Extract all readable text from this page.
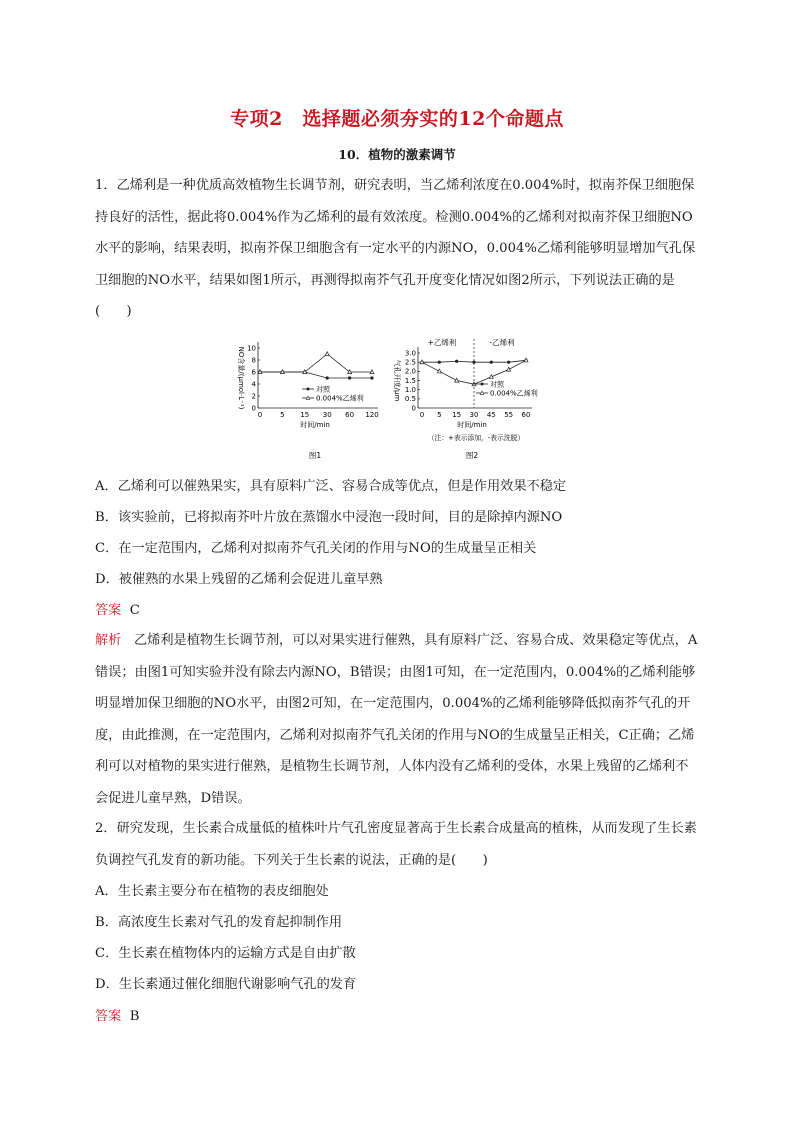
专项2　选择题必须夯实的12个命题点
10．植物的激素调节

1．乙烯利是一种优质高效植物生长调节剂，研究表明，当乙烯利浓度在0.004%时，拟南芥保卫细胞保持良好的活性，据此将0.004%作为乙烯利的最有效浓度。检测0.004%的乙烯利对拟南芥保卫细胞NO水平的影响，结果表明，拟南芥保卫细胞含有一定水平的内源NO，0.004%乙烯利能够明显增加气孔保卫细胞的NO水平，结果如图1所示，再测得拟南芥气孔开度变化情况如图2所示，下列说法正确的是(　　)

0
2
4
6
8
10
0	5 15 30 60 120
对照
0.004%乙烯利
时间/min
NO含量/(μmol·L⁻¹)
图1
0
0.5
1.0
1.5
2.0
2.5
3.0
0 5 15 30 45 55 60
对照
0.004%乙烯利
时间/min
气孔开度/μm
图2
+乙烯利	-乙烯利
（注：+表示添加，-表示洗脱）
A．乙烯利可以催熟果实，具有原料广泛、容易合成等优点，但是作用效果不稳定
B．该实验前，已将拟南芥叶片放在蒸馏水中浸泡一段时间，目的是除掉内源NO
C．在一定范围内，乙烯利对拟南芥气孔关闭的作用与NO的生成量呈正相关
D．被催熟的水果上残留的乙烯利会促进儿童早熟
答案 C

解析 乙烯利是植物生长调节剂，可以对果实进行催熟，具有原料广泛、容易合成、效果稳定等优点，A错误；由图1可知实验并没有除去内源NO，B错误；由图1可知，在一定范围内，0.004%的乙烯利能够明显增加保卫细胞的NO水平，由图2可知，在一定范围内，0.004%的乙烯利能够降低拟南芥气孔的开度，由此推测，在一定范围内，乙烯利对拟南芥气孔关闭的作用与NO的生成量呈正相关，C正确；乙烯利可以对植物的果实进行催熟，是植物生长调节剂，人体内没有乙烯利的受体，水果上残留的乙烯利不会促进儿童早熟，D错误。

2．研究发现，生长素合成量低的植株叶片气孔密度显著高于生长素合成量高的植株，从而发现了生长素负调控气孔发育的新功能。下列关于生长素的说法，正确的是(　　)

A．生长素主要分布在植物的表皮细胞处
B．高浓度生长素对气孔的发育起抑制作用
C．生长素在植物体内的运输方式是自由扩散
D．生长素通过催化细胞代谢影响气孔的发育
答案 B
